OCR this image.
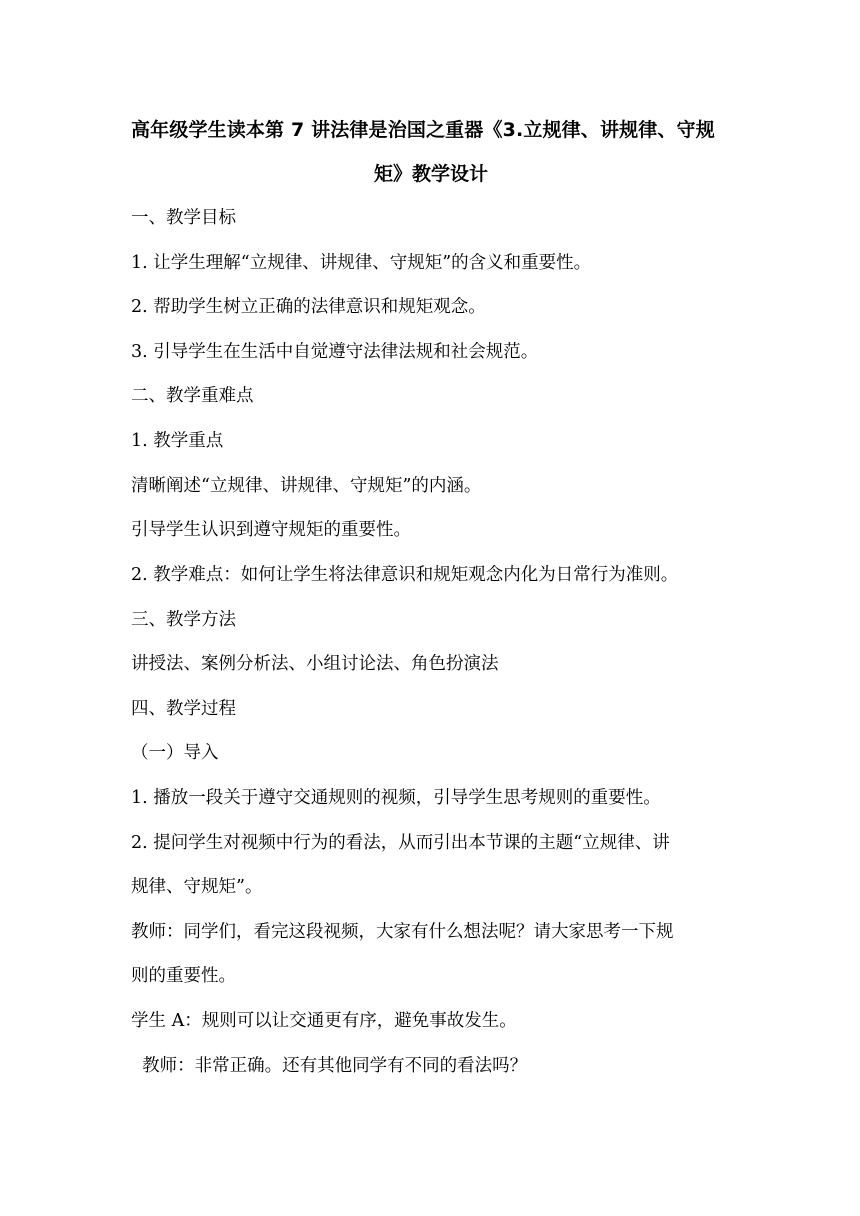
高年级学生读本第 7 讲法律是治国之重器《3.立规律、讲规律、守规
矩》教学设计
一、教学目标
1. 让学生理解“立规律、讲规律、守规矩”的含义和重要性。
2. 帮助学生树立正确的法律意识和规矩观念。
3. 引导学生在生活中自觉遵守法律法规和社会规范。
二、教学重难点
1. 教学重点
清晰阐述“立规律、讲规律、守规矩”的内涵。
引导学生认识到遵守规矩的重要性。
2. 教学难点：如何让学生将法律意识和规矩观念内化为日常行为准则。
三、教学方法
讲授法、案例分析法、小组讨论法、角色扮演法
四、教学过程
（一）导入
1. 播放一段关于遵守交通规则的视频，引导学生思考规则的重要性。
2. 提问学生对视频中行为的看法，从而引出本节课的主题“立规律、讲
规律、守规矩”。
教师：同学们，看完这段视频，大家有什么想法呢？请大家思考一下规
则的重要性。
学生 A：规则可以让交通更有序，避免事故发生。
教师：非常正确。还有其他同学有不同的看法吗？
